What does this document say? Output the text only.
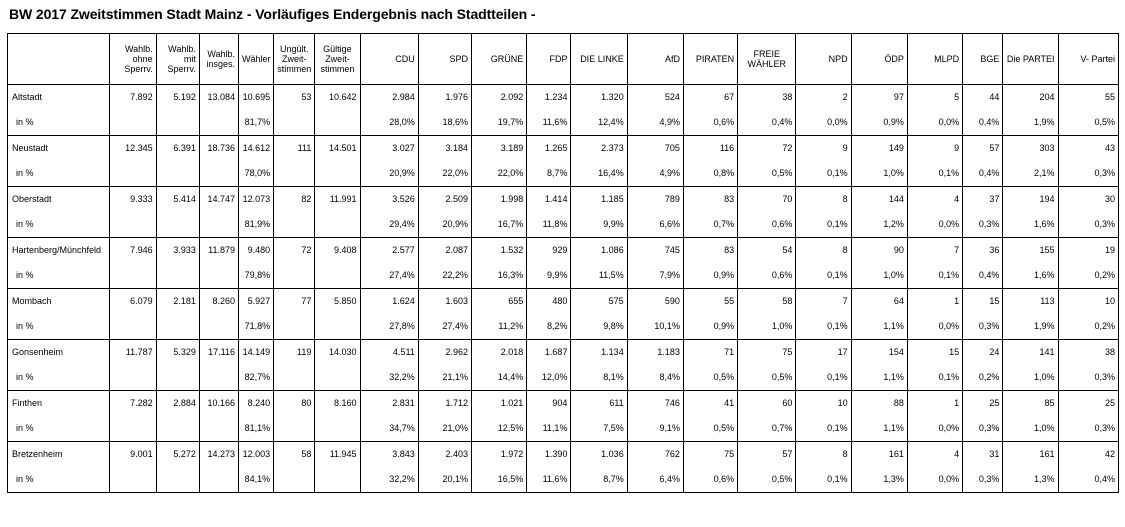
BW 2017 Zweitstimmen Stadt Mainz - Vorläufiges Endergebnis nach Stadtteilen -
	Wahlb. ohne Sperrv.	Wahlb. mit Sperrv.	Wahlb. insges.	Wähler	Ungült. Zweit- stimmen	Gültige Zweit- stimmen	CDU	SPD	GRÜNE	FDP	DIE LINKE	AfD	PIRATEN	FREIE WÄHLER	NPD	ÖDP	MLPD	BGE	Die PARTEI	V- Partei
Altstadt	7.892	5.192	13.084	10.695	53	10.642	2.984	1.976	2.092	1.234	1.320	524	67	38	2	97	5	44	204	55
in %				81,7%			28,0%	18,6%	19,7%	11,6%	12,4%	4,9%	0,6%	0,4%	0,0%	0,9%	0,0%	0,4%	1,9%	0,5%
Neustadt	12.345	6.391	18.736	14.612	111	14.501	3.027	3.184	3.189	1.265	2.373	705	116	72	9	149	9	57	303	43
in %				78,0%			20,9%	22,0%	22,0%	8,7%	16,4%	4,9%	0,8%	0,5%	0,1%	1,0%	0,1%	0,4%	2,1%	0,3%
Oberstadt	9.333	5.414	14.747	12.073	82	11.991	3.526	2.509	1.998	1.414	1.185	789	83	70	8	144	4	37	194	30
in %				81,9%			29,4%	20,9%	16,7%	11,8%	9,9%	6,6%	0,7%	0,6%	0,1%	1,2%	0,0%	0,3%	1,6%	0,3%
Hartenberg/Münchfeld	7.946	3.933	11.879	9.480	72	9.408	2.577	2.087	1.532	929	1.086	745	83	54	8	90	7	36	155	19
in %				79,8%			27,4%	22,2%	16,3%	9,9%	11,5%	7,9%	0,9%	0,6%	0,1%	1,0%	0,1%	0,4%	1,6%	0,2%
Mombach	6.079	2.181	8.260	5.927	77	5.850	1.624	1.603	655	480	575	590	55	58	7	64	1	15	113	10
in %				71,8%			27,8%	27,4%	11,2%	8,2%	9,8%	10,1%	0,9%	1,0%	0,1%	1,1%	0,0%	0,3%	1,9%	0,2%
Gonsenheim	11.787	5.329	17.116	14.149	119	14.030	4.511	2.962	2.018	1.687	1.134	1.183	71	75	17	154	15	24	141	38
in %				82,7%			32,2%	21,1%	14,4%	12,0%	8,1%	8,4%	0,5%	0,5%	0,1%	1,1%	0,1%	0,2%	1,0%	0,3%
Finthen	7.282	2.884	10.166	8.240	80	8.160	2.831	1.712	1.021	904	611	746	41	60	10	88	1	25	85	25
in %				81,1%			34,7%	21,0%	12,5%	11,1%	7,5%	9,1%	0,5%	0,7%	0,1%	1,1%	0,0%	0,3%	1,0%	0,3%
Bretzenheim	9.001	5.272	14.273	12.003	58	11.945	3.843	2.403	1.972	1.390	1.036	762	75	57	8	161	4	31	161	42
in %				84,1%			32,2%	20,1%	16,5%	11,6%	8,7%	6,4%	0,6%	0,5%	0,1%	1,3%	0,0%	0,3%	1,3%	0,4%
